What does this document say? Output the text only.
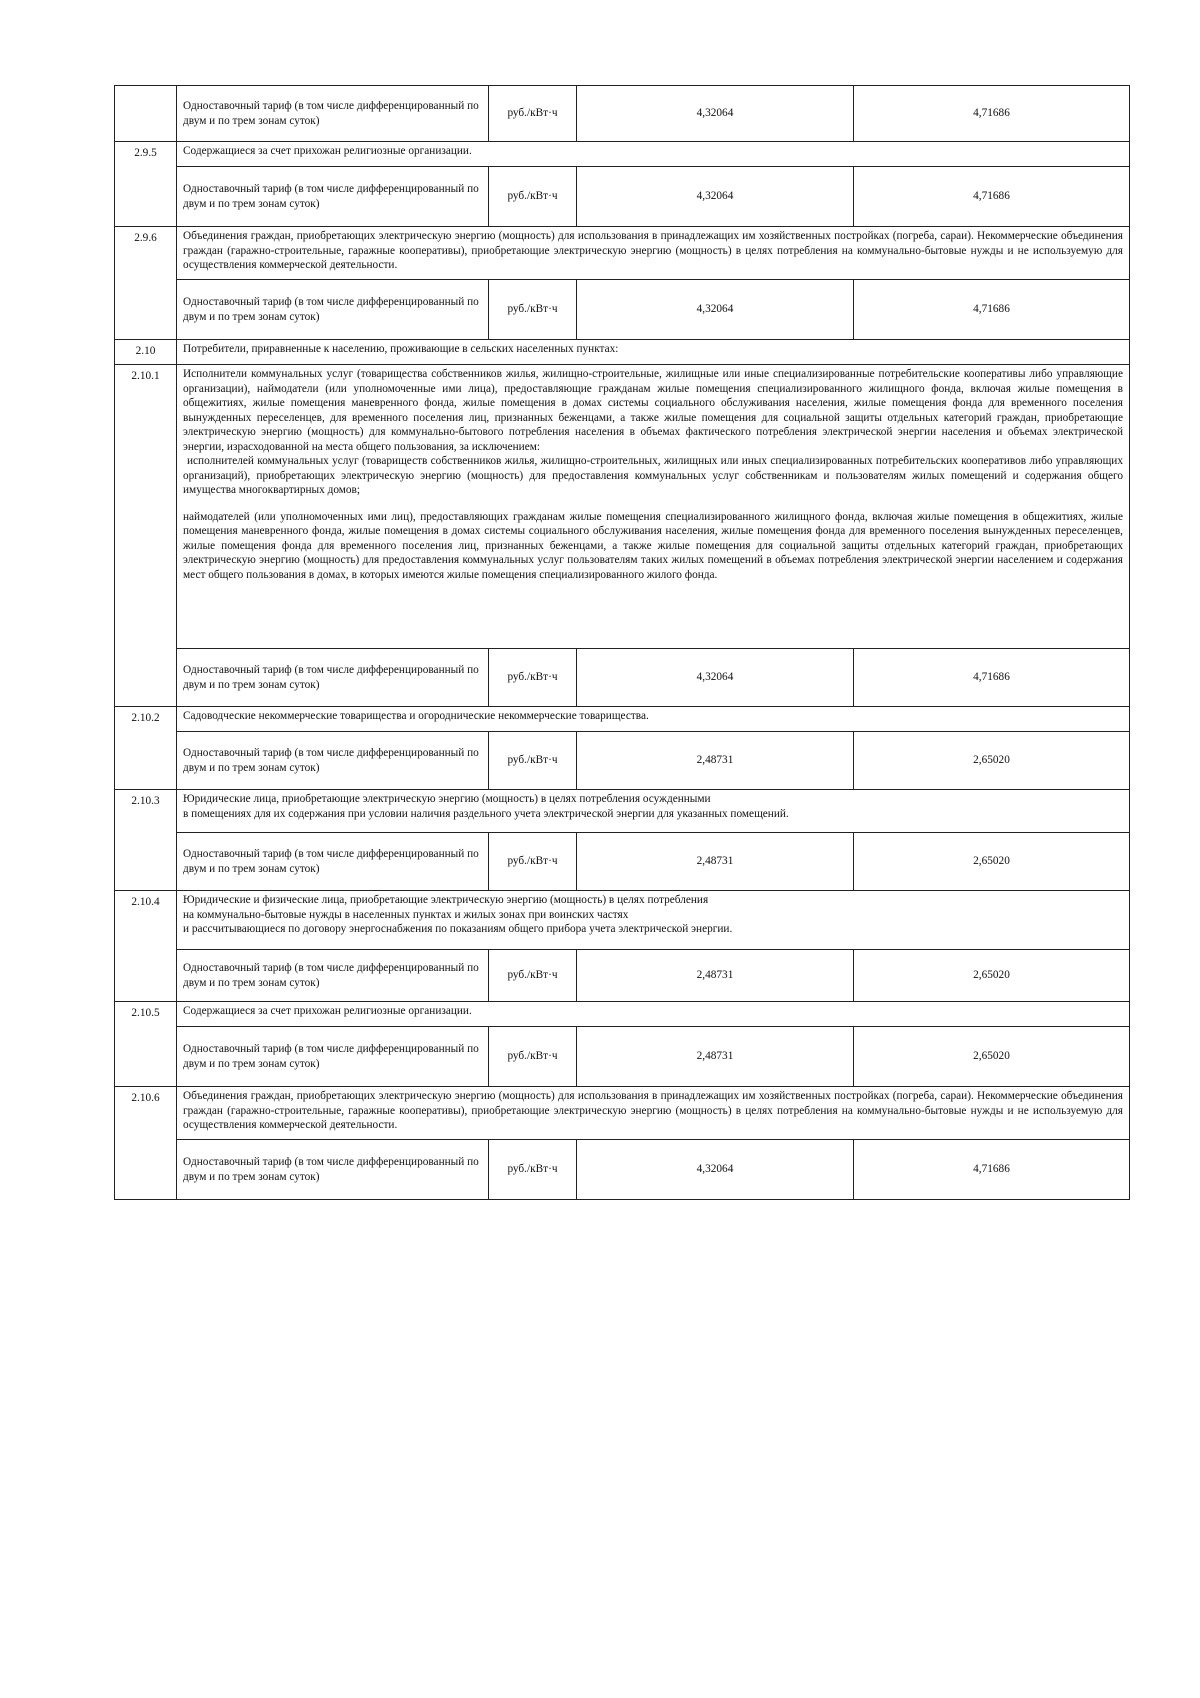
	Одноставочный тариф (в том числе дифференцированный по двум и по трем зонам суток)	руб./кВт·ч	4,32064	4,71686
2.9.5	Содержащиеся за счет прихожан религиозные организации.			

	Одноставочный тариф (в том числе дифференцированный по двум и по трем зонам суток)	руб./кВт·ч	4,32064	4,71686
2.9.6	Объединения граждан, приобретающих электрическую энергию (мощность) для использования в принадлежащих им хозяйственных постройках (погреба, сараи). Некоммерческие объединения граждан (гаражно-строительные, гаражные кооперативы), приобретающие электрическую энергию (мощность) в целях потребления на коммунально-бытовые нужды и не используемую для осуществления коммерческой деятельности.			

	Одноставочный тариф (в том числе дифференцированный по двум и по трем зонам суток)	руб./кВт·ч	4,32064	4,71686
2.10	Потребители, приравненные к населению, проживающие в сельских населенных пунктах:			

2.10.1	Исполнители коммунальных услуг (товарищества собственников жилья, жилищно-строительные, жилищные или иные специализированные потребительские кооперативы либо управляющие организации), наймодатели (или уполномоченные ими лица), предоставляющие гражданам жилые помещения специализированного жилищного фонда, включая жилые помещения в общежитиях, жилые помещения маневренного фонда, жилые помещения в домах системы социального обслуживания населения, жилые помещения фонда для временного поселения вынужденных переселенцев, для временного поселения лиц, признанных беженцами, а также жилые помещения для социальной защиты отдельных категорий граждан, приобретающие электрическую энергию (мощность) для коммунально-бытового потребления населения в объемах фактического потребления электрической энергии населения и объемах электрической энергии, израсходованной на места общего пользования, за исключением:

исполнителей коммунальных услуг (товариществ собственников жилья, жилищно-строительных, жилищных или иных специализированных потребительских кооперативов либо управляющих организаций), приобретающих электрическую энергию (мощность) для предоставления коммунальных услуг собственникам и пользователям жилых помещений и содержания общего имущества многоквартирных домов;

наймодателей (или уполномоченных ими лиц), предоставляющих гражданам жилые помещения специализированного жилищного фонда, включая жилые помещения в общежитиях, жилые помещения маневренного фонда, жилые помещения в домах системы социального обслуживания населения, жилые помещения фонда для временного поселения вынужденных переселенцев, жилые помещения фонда для временного поселения лиц, признанных беженцами, а также жилые помещения для социальной защиты отдельных категорий граждан, приобретающих электрическую энергию (мощность) для предоставления коммунальных услуг пользователям таких жилых помещений в объемах потребления электрической энергии населением и содержания мест общего пользования в домах, в которых имеются жилые помещения специализированного жилого фонда.			

	Одноставочный тариф (в том числе дифференцированный по двум и по трем зонам суток)	руб./кВт·ч	4,32064	4,71686
2.10.2	Садоводческие некоммерческие товарищества и огороднические некоммерческие товарищества.			

	Одноставочный тариф (в том числе дифференцированный по двум и по трем зонам суток)	руб./кВт·ч	2,48731	2,65020
2.10.3	Юридические лица, приобретающие электрическую энергию (мощность) в целях потребления осужденными

в помещениях для их содержания при условии наличия раздельного учета электрической энергии для указанных помещений.			

	Одноставочный тариф (в том числе дифференцированный по двум и по трем зонам суток)	руб./кВт·ч	2,48731	2,65020
2.10.4	Юридические и физические лица, приобретающие электрическую энергию (мощность) в целях потребления

на коммунально-бытовые нужды в населенных пунктах и жилых зонах при воинских частях

и рассчитывающиеся по договору энергоснабжения по показаниям общего прибора учета электрической энергии.			

	Одноставочный тариф (в том числе дифференцированный по двум и по трем зонам суток)	руб./кВт·ч	2,48731	2,65020
2.10.5	Содержащиеся за счет прихожан религиозные организации.			

	Одноставочный тариф (в том числе дифференцированный по двум и по трем зонам суток)	руб./кВт·ч	2,48731	2,65020
2.10.6	Объединения граждан, приобретающих электрическую энергию (мощность) для использования в принадлежащих им хозяйственных постройках (погреба, сараи). Некоммерческие объединения граждан (гаражно-строительные, гаражные кооперативы), приобретающие электрическую энергию (мощность) в целях потребления на коммунально-бытовые нужды и не используемую для осуществления коммерческой деятельности.			

	Одноставочный тариф (в том числе дифференцированный по двум и по трем зонам суток)	руб./кВт·ч	4,32064	4,71686
